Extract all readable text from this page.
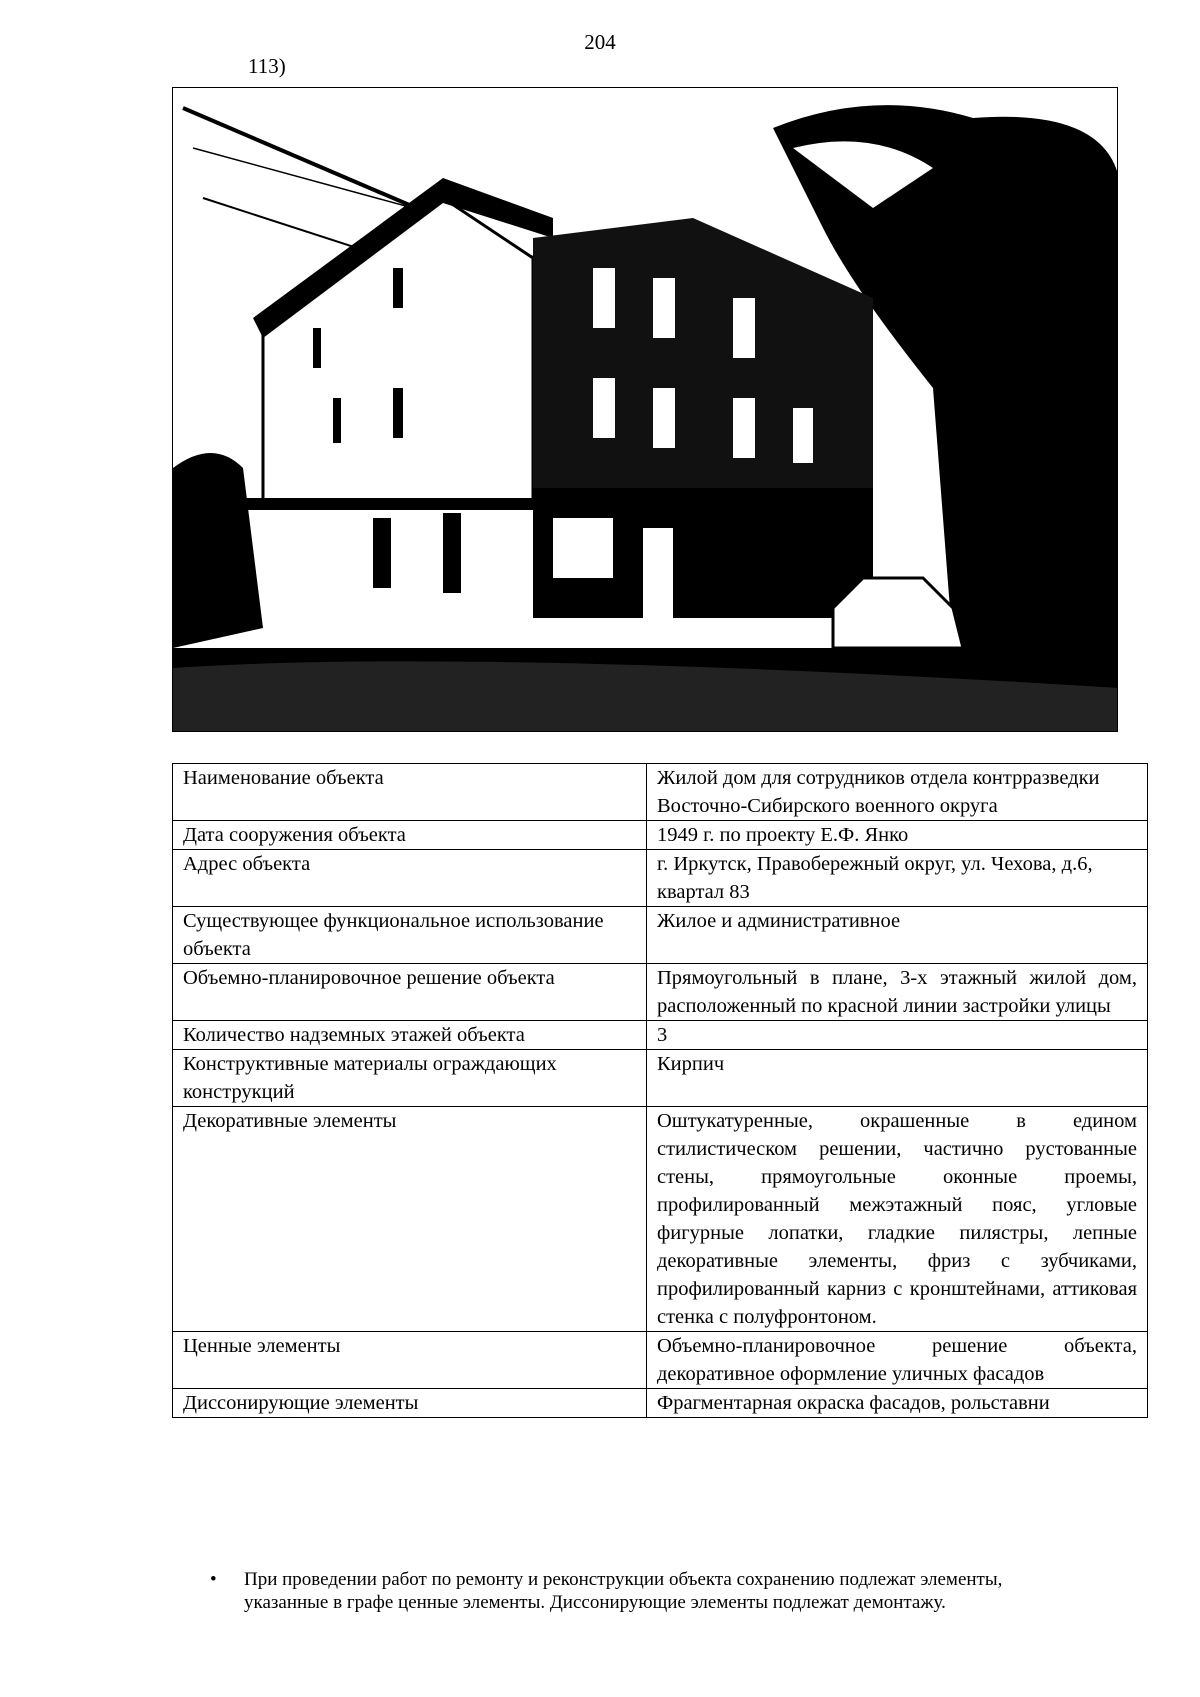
204
113)
Наименование объекта	Жилой дом для сотрудников отдела контрразведки Восточно-Сибирского военного округа
Дата сооружения объекта	1949 г. по проекту Е.Ф. Янко
Адрес объекта	г. Иркутск, Правобережный округ, ул. Чехова, д.6, квартал 83
Существующее функциональное использование объекта	Жилое и административное
Объемно-планировочное решение объекта	Прямоугольный в плане, 3-х этажный жилой дом, расположенный по красной линии застройки улицы
Количество надземных этажей объекта	3
Конструктивные материалы ограждающих конструкций	Кирпич
Декоративные элементы	Оштукатуренные, окрашенные в едином стилистическом решении, частично рустованные стены, прямоугольные оконные проемы, профилированный межэтажный пояс, угловые фигурные лопатки, гладкие пилястры, лепные декоративные элементы, фриз с зубчиками, профилированный карниз с кронштейнами, аттиковая стенка с полуфронтоном.
Ценные элементы	Объемно-планировочное решение объекта, декоративное оформление уличных фасадов
Диссонирующие элементы	Фрагментарная окраска фасадов, рольставни
• При проведении работ по ремонту и реконструкции объекта сохранению подлежат элементы, указанные в графе ценные элементы. Диссонирующие элементы подлежат демонтажу.
